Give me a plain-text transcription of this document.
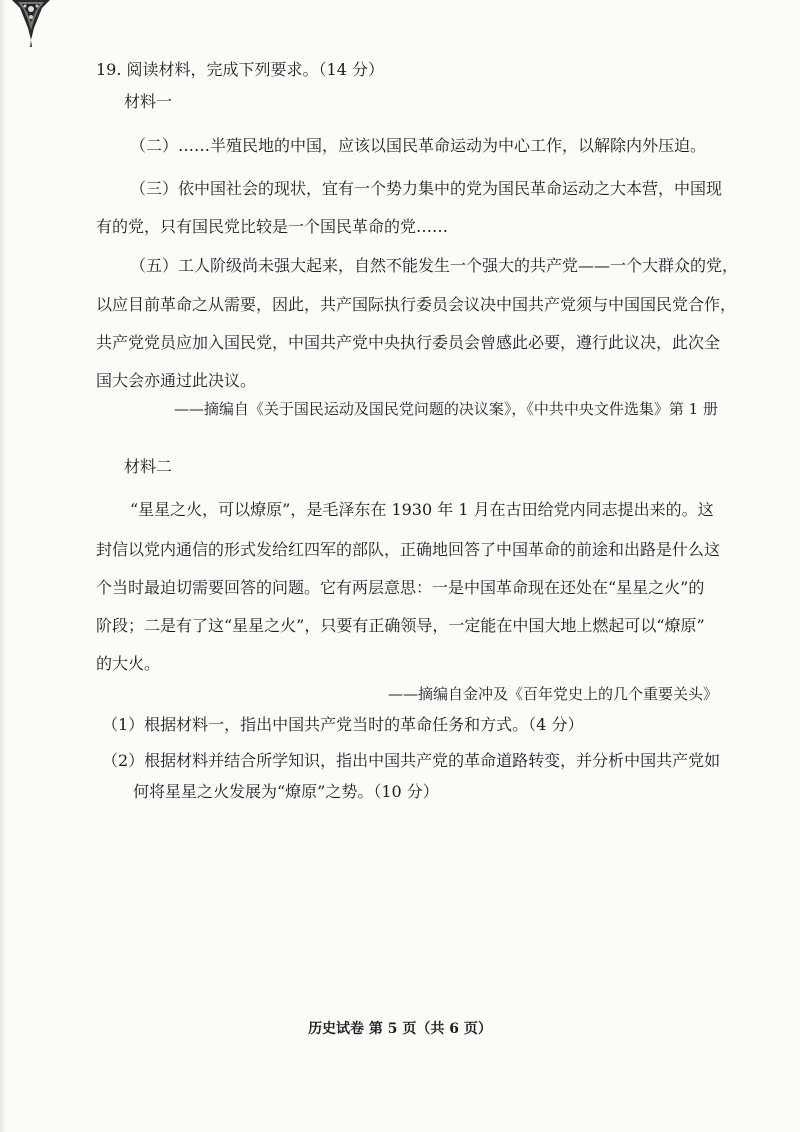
19. 阅读材料，完成下列要求。（14 分）
材料一
（二）……半殖民地的中国，应该以国民革命运动为中心工作，以解除内外压迫。
（三）依中国社会的现状，宜有一个势力集中的党为国民革命运动之大本营，中国现
有的党，只有国民党比较是一个国民革命的党……
（五）工人阶级尚未强大起来，自然不能发生一个强大的共产党——一个大群众的党，
以应目前革命之从需要，因此，共产国际执行委员会议决中国共产党须与中国国民党合作，
共产党党员应加入国民党，中国共产党中央执行委员会曾感此必要，遵行此议决，此次全
国大会亦通过此决议。
——摘编自《关于国民运动及国民党问题的决议案》，《中共中央文件选集》第 1 册
材料二
“星星之火，可以燎原”，是毛泽东在 1930 年 1 月在古田给党内同志提出来的。这
封信以党内通信的形式发给红四军的部队，正确地回答了中国革命的前途和出路是什么这
个当时最迫切需要回答的问题。它有两层意思：一是中国革命现在还处在“星星之火”的
阶段；二是有了这“星星之火”，只要有正确领导，一定能在中国大地上燃起可以“燎原”
的大火。
——摘编自金冲及《百年党史上的几个重要关头》
（1）根据材料一，指出中国共产党当时的革命任务和方式。（4 分）
（2）根据材料并结合所学知识，指出中国共产党的革命道路转变，并分析中国共产党如
何将星星之火发展为“燎原”之势。（10 分）
历史试卷 第 5 页（共 6 页）
